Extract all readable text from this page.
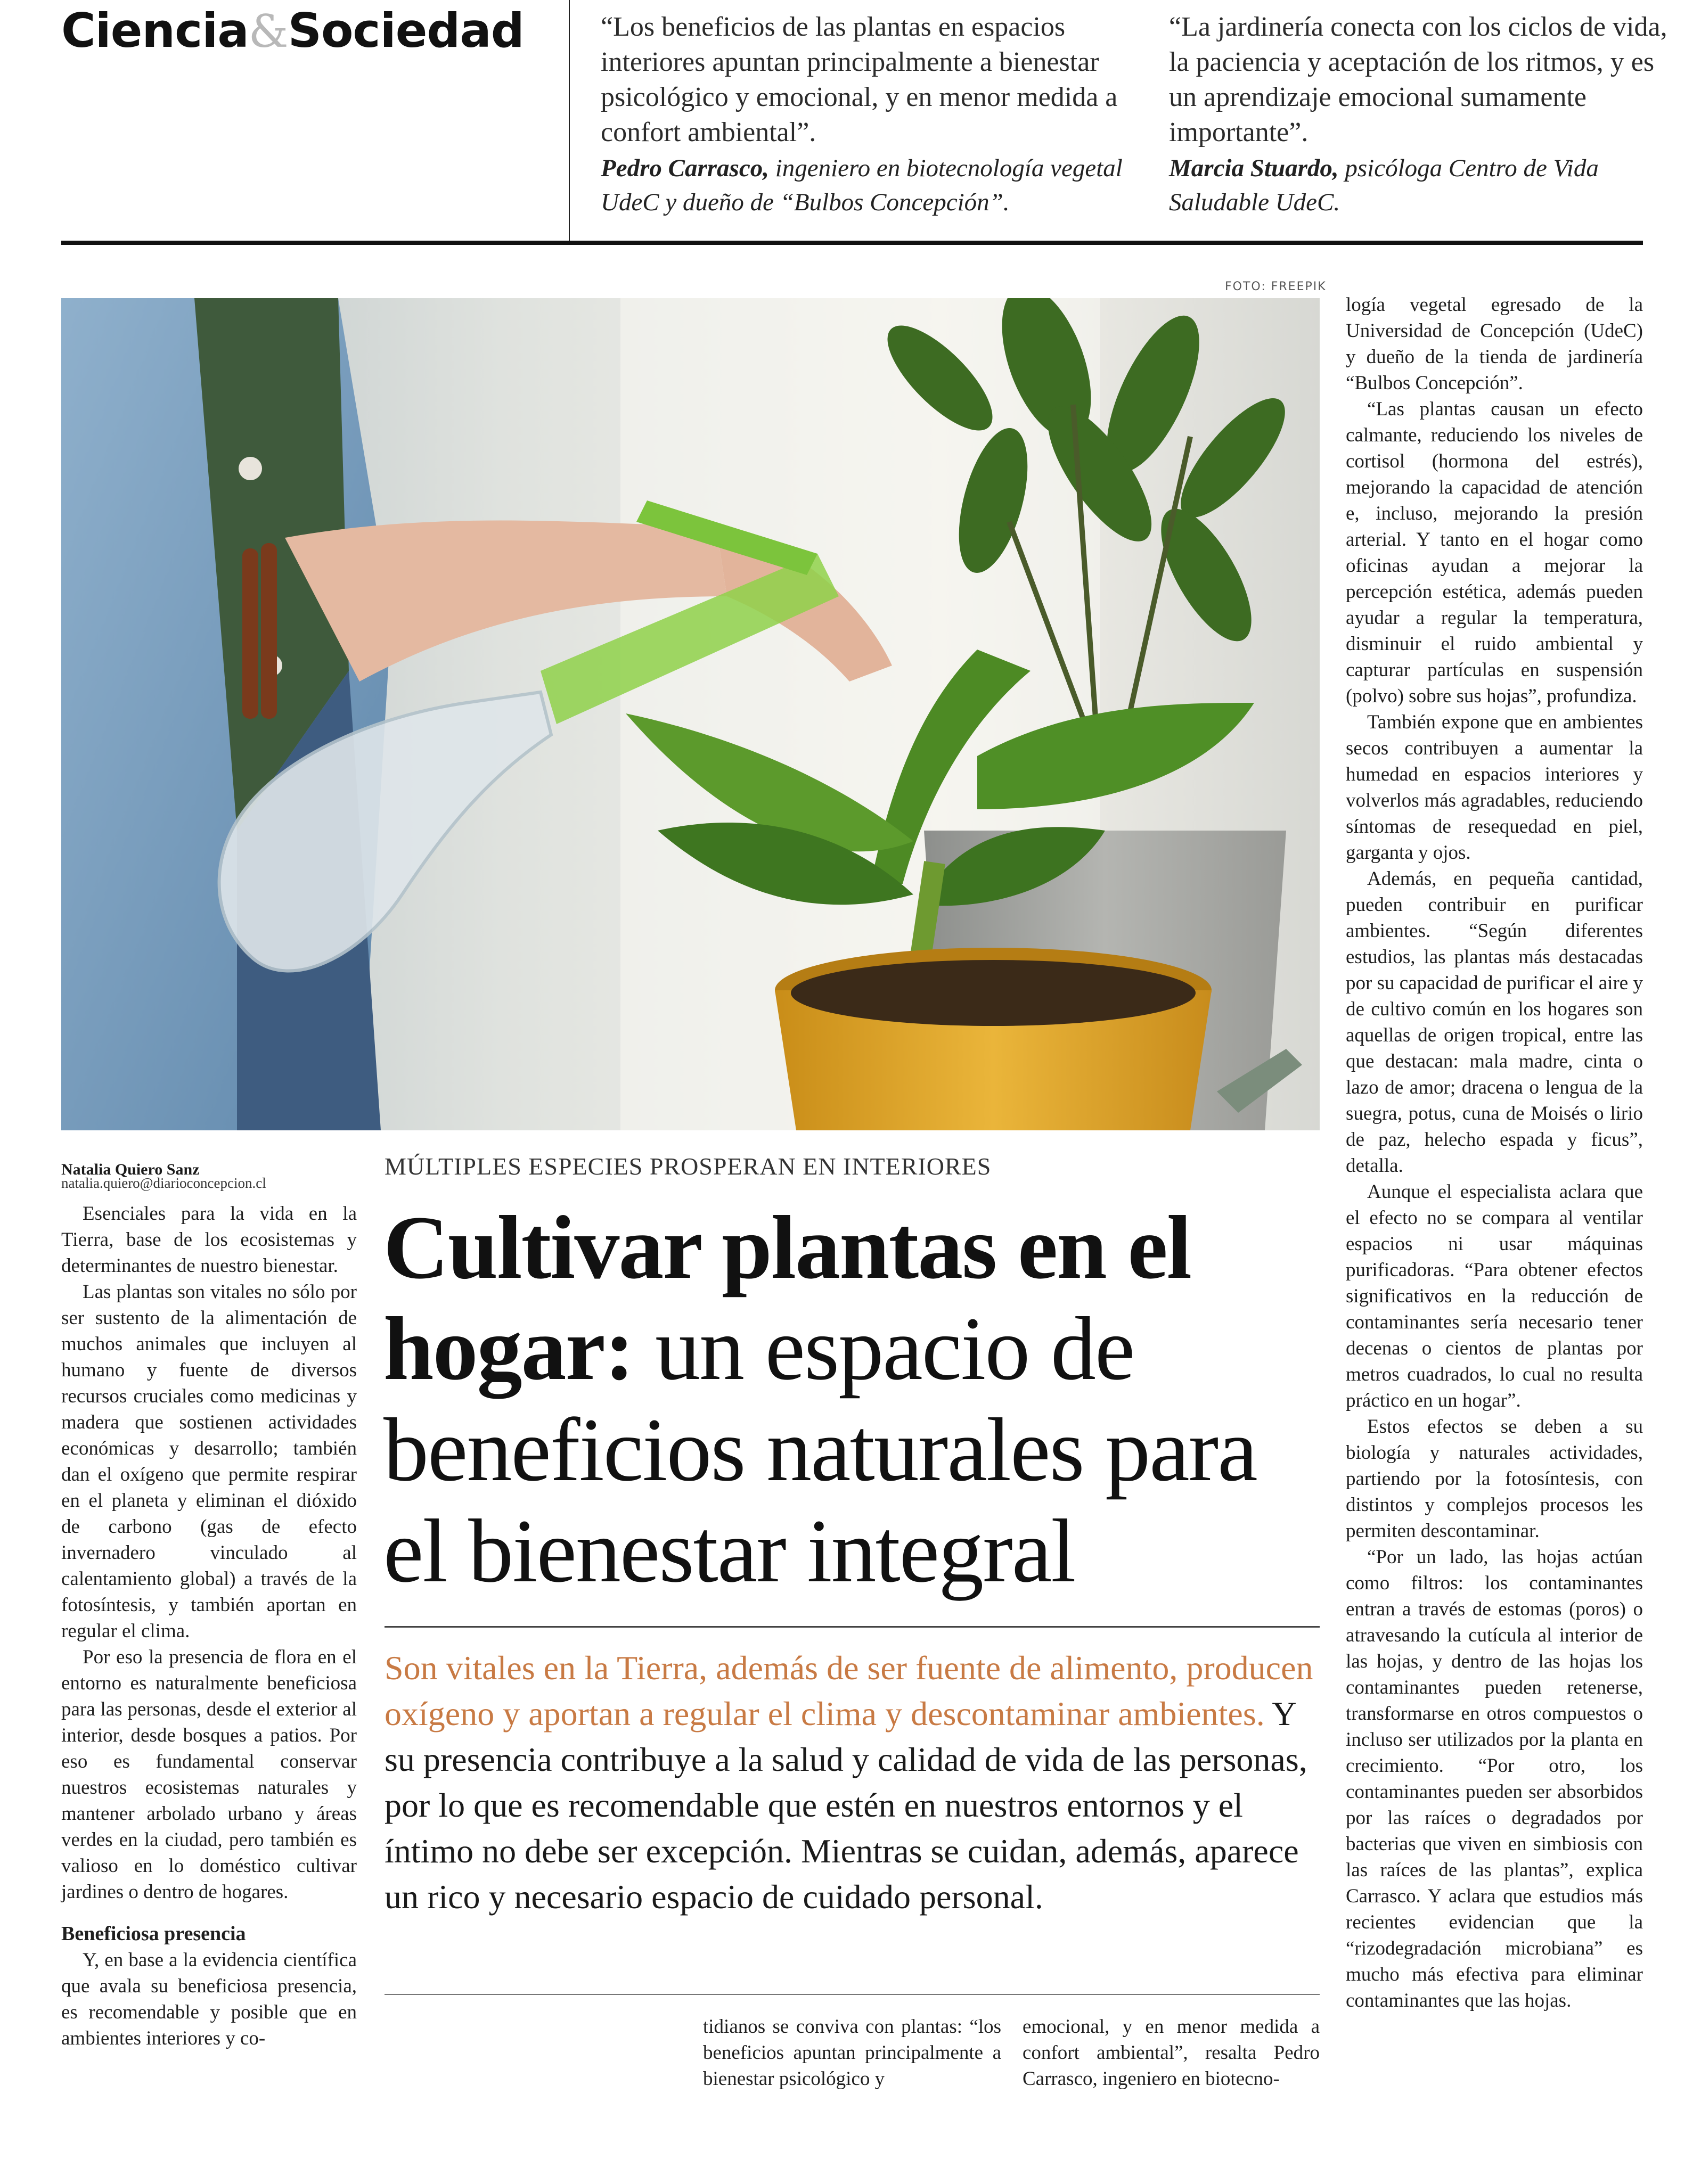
Ciencia&Sociedad	“Los beneficios de las plantas en espacios interiores apuntan principalmente a bienestar psicológico y emocional, y en menor medida a confort ambiental”.
Pedro Carrasco, ingeniero en biotecnología vegetal UdeC y dueño de “Bulbos Concepción”.
“La jardinería conecta con los ciclos de vida, la paciencia y aceptación de los ritmos, y es un aprendizaje emocional sumamente importante”.
Marcia Stuardo, psicóloga Centro de Vida Saludable UdeC.
FOTO: FREEPIK
Natalia Quiero Sanz
natalia.quiero@diarioconcepcion.cl

Esenciales para la vida en la Tierra, base de los ecosistemas y determinantes de nuestro bienestar.

Las plantas son vitales no sólo por ser sustento de la alimentación de muchos animales que incluyen al humano y fuente de diversos recursos cruciales como medicinas y madera que sostienen actividades económicas y desarrollo; también dan el oxígeno que permite respirar en el planeta y eliminan el dióxido de carbono (gas de efecto invernadero vinculado al calentamiento global) a través de la fotosíntesis, y también aportan en regular el clima.

Por eso la presencia de flora en el entorno es naturalmente beneficiosa para las personas, desde el exterior al interior, desde bosques a patios. Por eso es fundamental conservar nuestros ecosistemas naturales y mantener arbolado urbano y áreas verdes en la ciudad, pero también es valioso en lo doméstico cultivar jardines o dentro de hogares.

Beneficiosa presencia

Y, en base a la evidencia científica que avala su beneficiosa presencia, es recomendable y posible que en ambientes interiores y co-

MÚLTIPLES ESPECIES PROSPERAN EN INTERIORES
Cultivar plantas en el hogar: un espacio de beneficios naturales para el bienestar integral
Son vitales en la Tierra, además de ser fuente de alimento, producen oxígeno y aportan a regular el clima y descontaminar ambientes. Y su presencia contribuye a la salud y calidad de vida de las personas, por lo que es recomendable que estén en nuestros entornos y el íntimo no debe ser excepción. Mientras se cuidan, además, aparece un rico y necesario espacio de cuidado personal.

tidianos se conviva con plantas: “los beneficios apuntan principalmente a bienestar psicológico y

emocional, y en menor medida a confort ambiental”, resalta Pedro Carrasco, ingeniero en biotecno-

logía vegetal egresado de la Universidad de Concepción (UdeC) y dueño de la tienda de jardinería “Bulbos Concepción”.

“Las plantas causan un efecto calmante, reduciendo los niveles de cortisol (hormona del estrés), mejorando la capacidad de atención e, incluso, mejorando la presión arterial. Y tanto en el hogar como oficinas ayudan a mejorar la percepción estética, además pueden ayudar a regular la temperatura, disminuir el ruido ambiental y capturar partículas en suspensión (polvo) sobre sus hojas”, profundiza.

También expone que en ambientes secos contribuyen a aumentar la humedad en espacios interiores y volverlos más agradables, reduciendo síntomas de resequedad en piel, garganta y ojos.

Además, en pequeña cantidad, pueden contribuir en purificar ambientes. “Según diferentes estudios, las plantas más destacadas por su capacidad de purificar el aire y de cultivo común en los hogares son aquellas de origen tropical, entre las que destacan: mala madre, cinta o lazo de amor; dracena o lengua de la suegra, potus, cuna de Moisés o lirio de paz, helecho espada y ficus”, detalla.

Aunque el especialista aclara que el efecto no se compara al ventilar espacios ni usar máquinas purificadoras. “Para obtener efectos significativos en la reducción de contaminantes sería necesario tener decenas o cientos de plantas por metros cuadrados, lo cual no resulta práctico en un hogar”.

Estos efectos se deben a su biología y naturales actividades, partiendo por la fotosíntesis, con distintos y complejos procesos les permiten descontaminar.

“Por un lado, las hojas actúan como filtros: los contaminantes entran a través de estomas (poros) o atravesando la cutícula al interior de las hojas, y dentro de las hojas los contaminantes pueden retenerse, transformarse en otros compuestos o incluso ser utilizados por la planta en crecimiento. “Por otro, los contaminantes pueden ser absorbidos por las raíces o degradados por bacterias que viven en simbiosis con las raíces de las plantas”, explica Carrasco. Y aclara que estudios más recientes evidencian que la “rizodegradación microbiana” es mucho más efectiva para eliminar contaminantes que las hojas.
